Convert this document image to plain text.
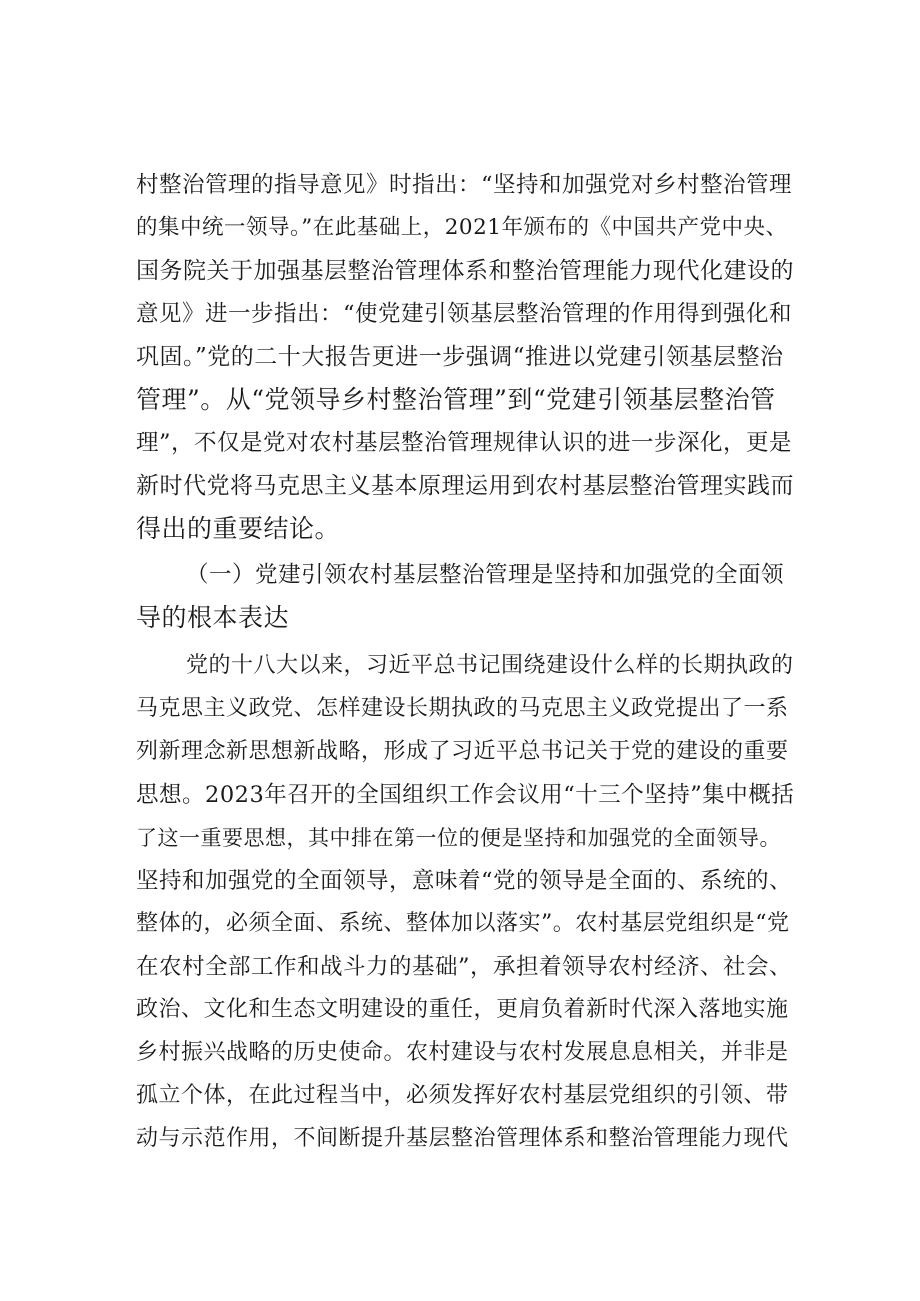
村整治管理的指导意见》时指出：“坚持和加强党对乡村整治管理
的集中统一领导。”在此基础上，2021年颁布的《中国共产党中央、
国务院关于加强基层整治管理体系和整治管理能力现代化建设的
意见》进一步指出：“使党建引领基层整治管理的作用得到强化和
巩固。”党的二十大报告更进一步强调“推进以党建引领基层整治
管理”。从“党领导乡村整治管理”到“党建引领基层整治管
理”，不仅是党对农村基层整治管理规律认识的进一步深化，更是
新时代党将马克思主义基本原理运用到农村基层整治管理实践而
得出的重要结论。
（一）党建引领农村基层整治管理是坚持和加强党的全面领
导的根本表达
党的十八大以来，习近平总书记围绕建设什么样的长期执政的
马克思主义政党、怎样建设长期执政的马克思主义政党提出了一系
列新理念新思想新战略，形成了习近平总书记关于党的建设的重要
思想。2023年召开的全国组织工作会议用“十三个坚持”集中概括
了这一重要思想，其中排在第一位的便是坚持和加强党的全面领导。
坚持和加强党的全面领导，意味着“党的领导是全面的、系统的、
整体的，必须全面、系统、整体加以落实”。农村基层党组织是“党
在农村全部工作和战斗力的基础”，承担着领导农村经济、社会、
政治、文化和生态文明建设的重任，更肩负着新时代深入落地实施
乡村振兴战略的历史使命。农村建设与农村发展息息相关，并非是
孤立个体，在此过程当中，必须发挥好农村基层党组织的引领、带
动与示范作用，不间断提升基层整治管理体系和整治管理能力现代
